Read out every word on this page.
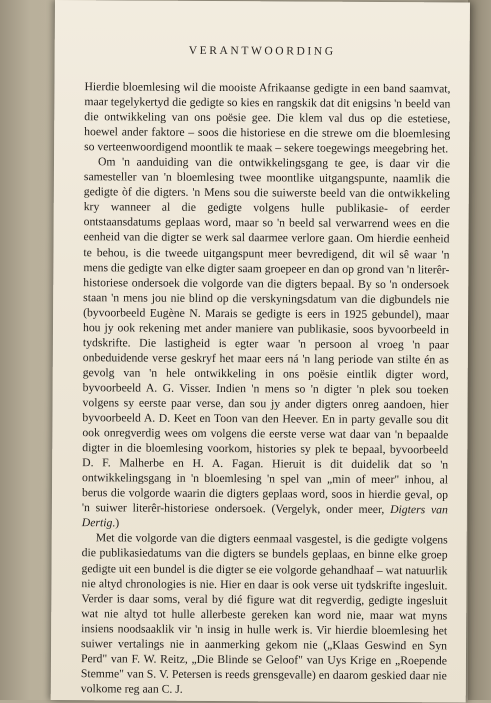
VERANTWOORDING

Hierdie bloemlesing wil die mooiste Afrikaanse gedigte in een band saamvat, maar tegelykertyd die gedigte so kies en rangskik dat dit enigsins 'n beeld van die ontwikkeling van ons poësie gee. Die klem val dus op die estetiese, hoewel ander faktore – soos die historiese en die strewe om die bloemlesing so verteenwoordigend moontlik te maak – sekere toegewings meegebring het.

Om 'n aanduiding van die ontwikkelingsgang te gee, is daar vir die samesteller van 'n bloemlesing twee moontlike uitgangspunte, naamlik die gedigte òf die digters. 'n Mens sou die suiwerste beeld van die ontwikkeling kry wanneer al die gedigte volgens hulle publikasie- of eerder ontstaansdatums geplaas word, maar so 'n beeld sal verwarrend wees en die eenheid van die digter se werk sal daarmee verlore gaan. Om hierdie eenheid te behou, is die tweede uitgangspunt meer bevredigend, dit wil sê waar 'n mens die gedigte van elke digter saam groepeer en dan op grond van 'n literêr-historiese ondersoek die volgorde van die digters bepaal. By so 'n ondersoek staan 'n mens jou nie blind op die verskyningsdatum van die digbundels nie (byvoorbeeld Eugène N. Marais se gedigte is eers in 1925 gebundel), maar hou jy ook rekening met ander maniere van publikasie, soos byvoorbeeld in tydskrifte. Die lastigheid is egter waar 'n persoon al vroeg 'n paar onbeduidende verse geskryf het maar eers ná 'n lang periode van stilte én as gevolg van 'n hele ontwikkeling in ons poësie eintlik digter word, byvoorbeeld A. G. Visser. Indien 'n mens so 'n digter 'n plek sou toeken volgens sy eerste paar verse, dan sou jy ander digters onreg aandoen, hier byvoorbeeld A. D. Keet en Toon van den Heever. En in party gevalle sou dit ook onregverdig wees om volgens die eerste verse wat daar van 'n bepaalde digter in die bloemlesing voorkom, histories sy plek te bepaal, byvoorbeeld D. F. Malherbe en H. A. Fagan. Hieruit is dit duidelik dat so 'n ontwikkelingsgang in 'n bloemlesing 'n spel van „min of meer" inhou, al berus die volgorde waarin die digters geplaas word, soos in hierdie geval, op 'n suiwer literêr-historiese ondersoek. (Vergelyk, onder meer, Digters van Dertig.)

Met die volgorde van die digters eenmaal vasgestel, is die gedigte volgens die publikasiedatums van die digters se bundels geplaas, en binne elke groep gedigte uit een bundel is die digter se eie volgorde gehandhaaf – wat natuurlik nie altyd chronologies is nie. Hier en daar is ook verse uit tydskrifte ingesluit. Verder is daar soms, veral by dié figure wat dit regverdig, gedigte ingesluit wat nie altyd tot hulle allerbeste gereken kan word nie, maar wat myns insiens noodsaaklik vir 'n insig in hulle werk is. Vir hierdie bloemlesing het suiwer vertalings nie in aanmerking gekom nie („Klaas Geswind en Syn Perd" van F. W. Reitz, „Die Blinde se Geloof" van Uys Krige en „Roepende Stemme" van S. V. Petersen is reeds grensgevalle) en daarom geskied daar nie volkome reg aan C. J.
